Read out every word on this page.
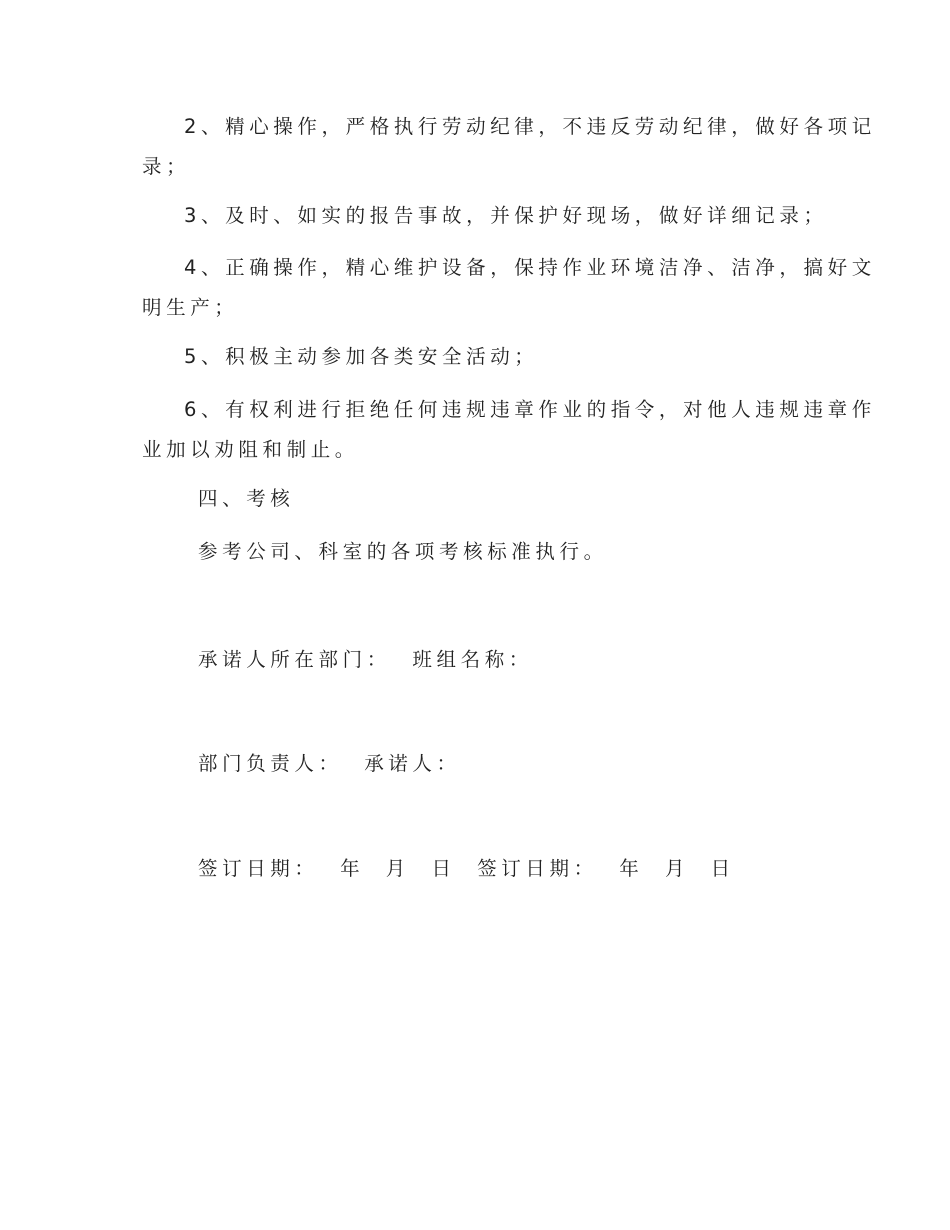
2、精心操作，严格执行劳动纪律，不违反劳动纪律，做好各项记
录；
3、及时、如实的报告事故，并保护好现场，做好详细记录；
4、正确操作，精心维护设备，保持作业环境洁净、洁净，搞好文
明生产；
5、积极主动参加各类安全活动；
6、有权利进行拒绝任何违规违章作业的指令，对他人违规违章作
业加以劝阻和制止。
四、考核
参考公司、科室的各项考核标准执行。
承诺人所在部门：  班组名称：
部门负责人：  承诺人：
签订日期：  年  月  日  签订日期：  年  月  日
